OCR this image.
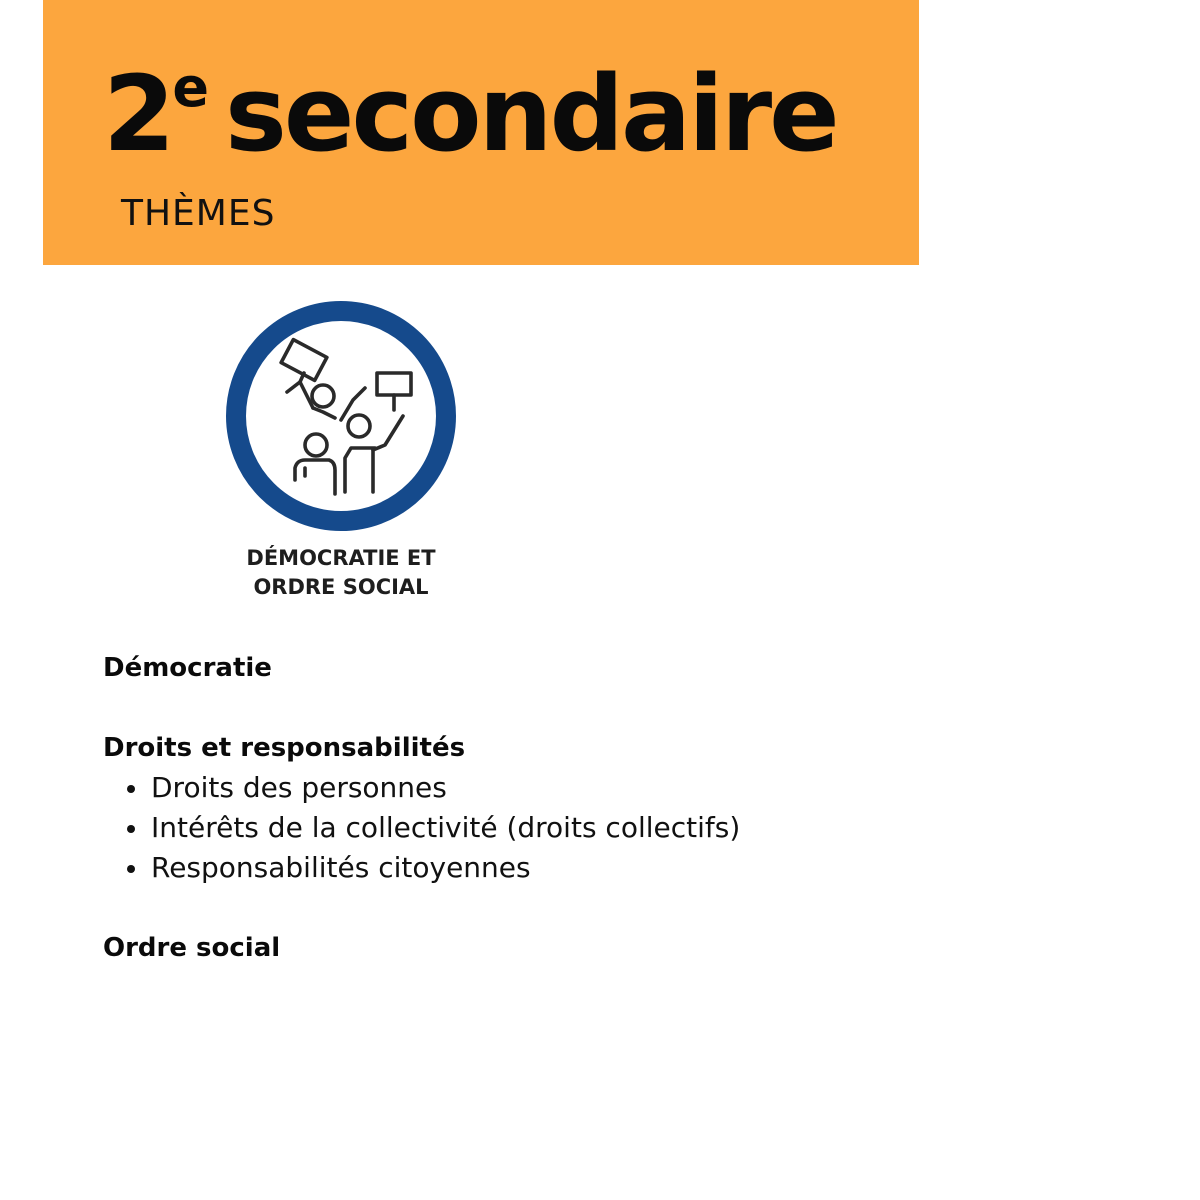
2e secondaire
THÈMES
DÉMOCRATIE ET
ORDRE SOCIAL
Démocratie
Droits et responsabilités
Droits des personnes
Intérêts de la collectivité (droits collectifs)
Responsabilités citoyennes
Ordre social
